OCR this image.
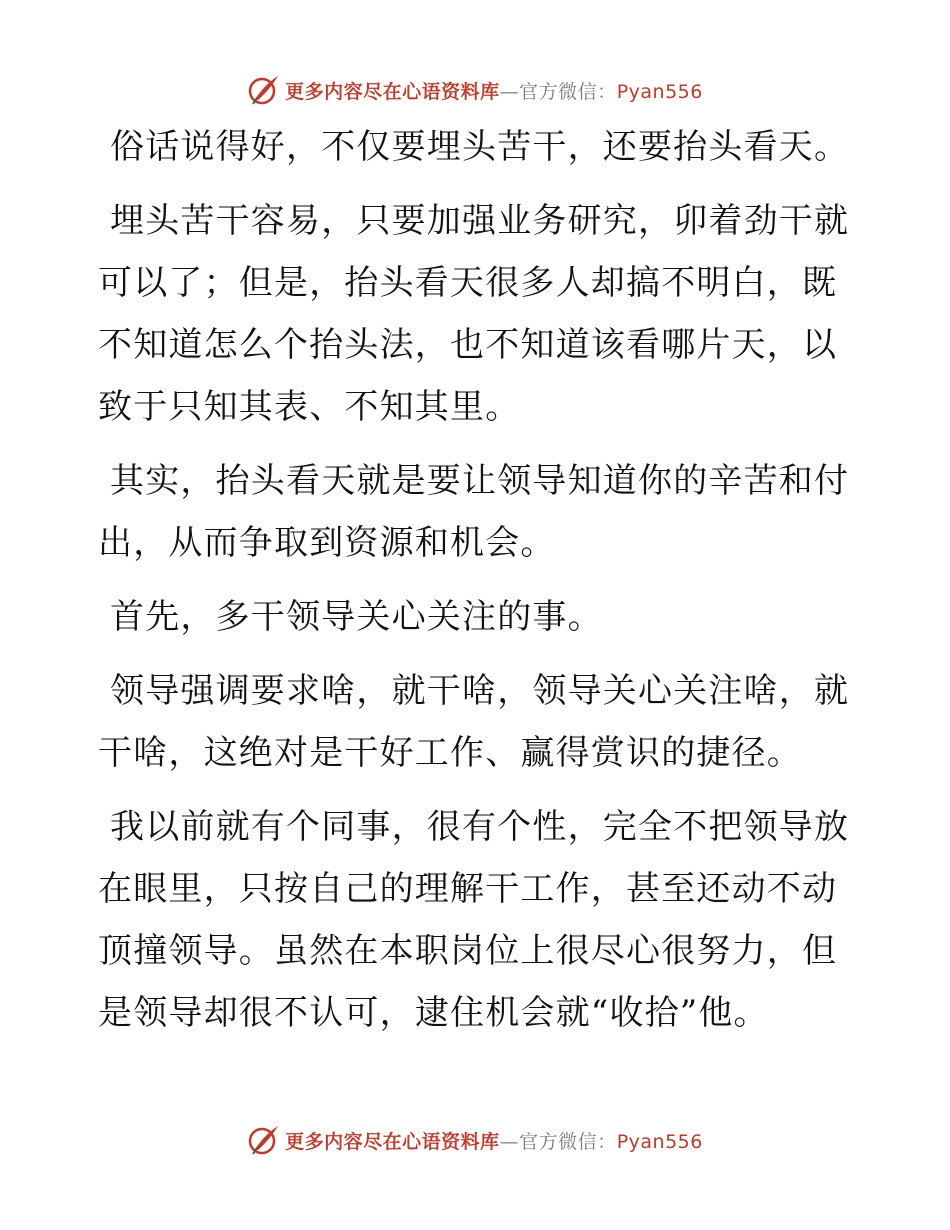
更多内容尽在心语资料库—官方微信：Pyan556

俗话说得好，不仅要埋头苦干，还要抬头看天。

埋头苦干容易，只要加强业务研究，卯着劲干就可以了；但是，抬头看天很多人却搞不明白，既不知道怎么个抬头法，也不知道该看哪片天，以致于只知其表、不知其里。

其实，抬头看天就是要让领导知道你的辛苦和付出，从而争取到资源和机会。

首先，多干领导关心关注的事。

领导强调要求啥，就干啥，领导关心关注啥，就干啥，这绝对是干好工作、赢得赏识的捷径。

我以前就有个同事，很有个性，完全不把领导放在眼里，只按自己的理解干工作，甚至还动不动顶撞领导。虽然在本职岗位上很尽心很努力，但是领导却很不认可，逮住机会就“收拾”他。

更多内容尽在心语资料库—官方微信：Pyan556
